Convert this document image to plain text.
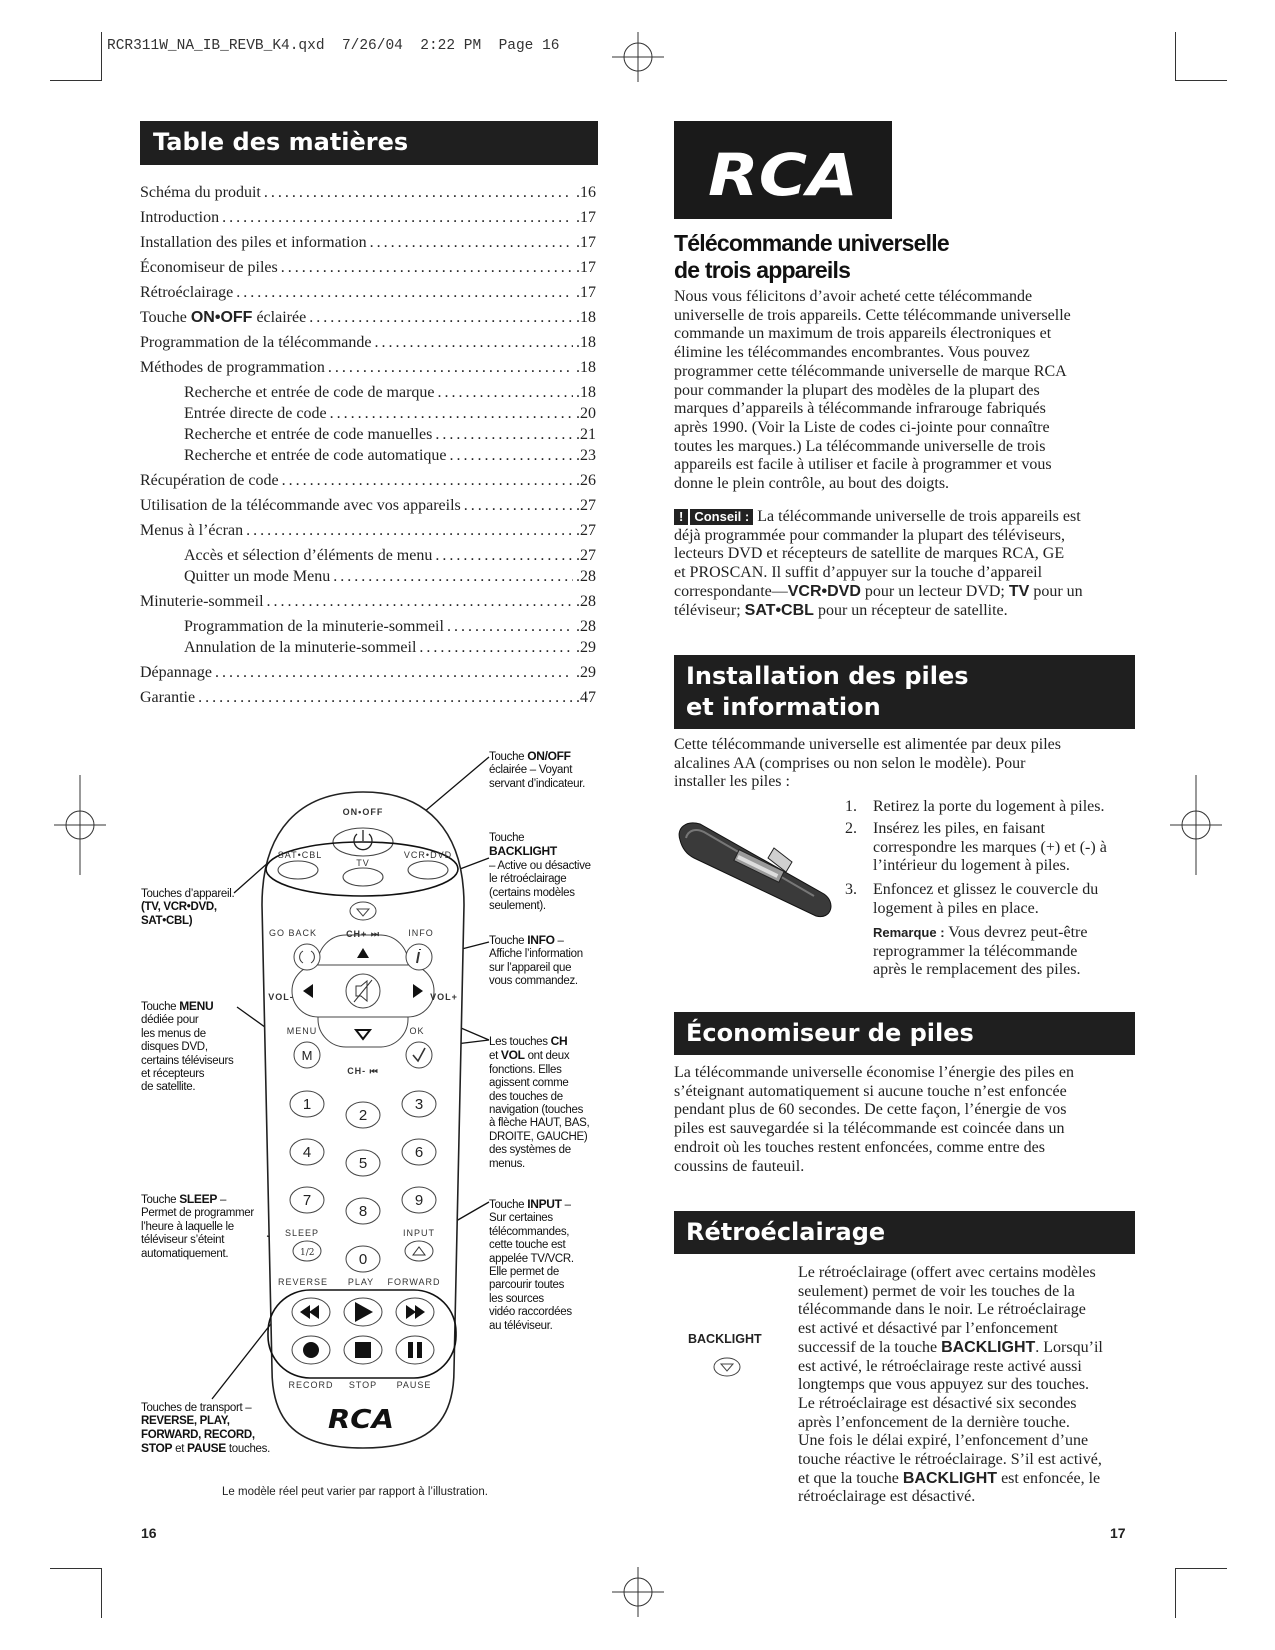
RCR311W_NA_IB_REVB_K4.qxd  7/26/04  2:22 PM  Page 16
Table des matières
Schéma du produit .....	.16
Introduction .....	.17
Installation des piles et information .....	.17
Économiseur de piles .....	.17
Rétroéclairage .....	.17
Touche ON•OFF éclairée .....	.18
Programmation de la télécommande .....	.18
Méthodes de programmation .....	.18
Recherche et entrée de code de marque .....	.18
Entrée directe de code .....	.20
Recherche et entrée de code manuelles .....	.21
Recherche et entrée de code automatique .....	.23
Récupération de code .....	.26
Utilisation de la télécommande avec vos appareils .....	.27
Menus à l’écran .....	.27
Accès et sélection d’éléments de menu .....	.27
Quitter un mode Menu .....	.28
Minuterie-sommeil .....	.28
Programmation de la minuterie-sommeil .....	.28
Annulation de la minuterie-sommeil .....	.29
Dépannage .....	.29
Garantie .....	.47
1/2
ON•OFF
SAT•CBL
TV
VCR•DVD
GO BACK	CH+ ⏭	INFO
VOL-	VOL+
MENU	OK
CH- ⏮
M
1
2
3
4
5
6
7
8
9
0
SLEEP	INPUT
REVERSE PLAY FORWARD
RECORD STOP PAUSE
RCA
Touche ON/OFF
éclairée – Voyant
servant d’indicateur.
Touche
BACKLIGHT
– Active ou désactive
le rétroéclairage
(certains modèles
seulement).
Touches d’appareil.
(TV, VCR•DVD,
SAT•CBL)
Touche INFO –
Affiche l’information
sur l’appareil que
vous commandez.
Touche MENU
dédiée pour
les menus de
disques DVD,
certains téléviseurs
et récepteurs
de satellite.
Les touches CH
et VOL ont deux
fonctions. Elles
agissent comme
des touches de
navigation (touches
à flèche HAUT, BAS,
DROITE, GAUCHE)
des systèmes de
menus.
Touche SLEEP –
Permet de programmer
l’heure à laquelle le
téléviseur s’éteint
automatiquement.
Touche INPUT –
Sur certaines
télécommandes,
cette touche est
appelée TV/VCR.
Elle permet de
parcourir toutes
les sources
vidéo raccordées
au téléviseur.
Touches de transport –
REVERSE, PLAY,
FORWARD, RECORD,
STOP et PAUSE touches.
Le modèle réel peut varier par rapport à l’illustration.
16
RCA
Télécommande universelle
de trois appareils
Nous vous félicitons d’avoir acheté cette télécommande
universelle de trois appareils. Cette télécommande universelle
commande un maximum de trois appareils électroniques et
élimine les télécommandes encombrantes. Vous pouvez
programmer cette télécommande universelle de marque RCA
pour commander la plupart des modèles de la plupart des
marques d’appareils à télécommande infrarouge fabriqués
après 1990. (Voir la Liste de codes ci-jointe pour connaître
toutes les marques.) La télécommande universelle de trois
appareils est facile à utiliser et facile à programmer et vous
donne le plein contrôle, au bout des doigts.
! Conseil : La télécommande universelle de trois appareils est
déjà programmée pour commander la plupart des téléviseurs,
lecteurs DVD et récepteurs de satellite de marques RCA, GE
et PROSCAN. Il suffit d’appuyer sur la touche d’appareil
correspondante—VCR•DVD pour un lecteur DVD; TV pour un
téléviseur; SAT•CBL pour un récepteur de satellite.
Installation des piles
et information
Cette télécommande universelle est alimentée par deux piles
alcalines AA (comprises ou non selon le modèle). Pour
installer les piles :
1. Retirez la porte du logement à piles.
2. Insérez les piles, en faisant
correspondre les marques (+) et (-) à
l’intérieur du logement à piles.
3. Enfoncez et glissez le couvercle du
logement à piles en place.
Remarque : Vous devrez peut-être
reprogrammer la télécommande
après le remplacement des piles.
Économiseur de piles
La télécommande universelle économise l’énergie des piles en
s’éteignant automatiquement si aucune touche n’est enfoncée
pendant plus de 60 secondes. De cette façon, l’énergie de vos
piles est sauvegardée si la télécommande est coincée dans un
endroit où les touches restent enfoncées, comme entre des
coussins de fauteuil.
Rétroéclairage
BACKLIGHT
Le rétroéclairage (offert avec certains modèles
seulement) permet de voir les touches de la
télécommande dans le noir. Le rétroéclairage
est activé et désactivé par l’enfoncement
successif de la touche BACKLIGHT. Lorsqu’il
est activé, le rétroéclairage reste activé aussi
longtemps que vous appuyez sur des touches.
Le rétroéclairage est désactivé six secondes
après l’enfoncement de la dernière touche.
Une fois le délai expiré, l’enfoncement d’une
touche réactive le rétroéclairage. S’il est activé,
et que la touche BACKLIGHT est enfoncée, le
rétroéclairage est désactivé.
17
